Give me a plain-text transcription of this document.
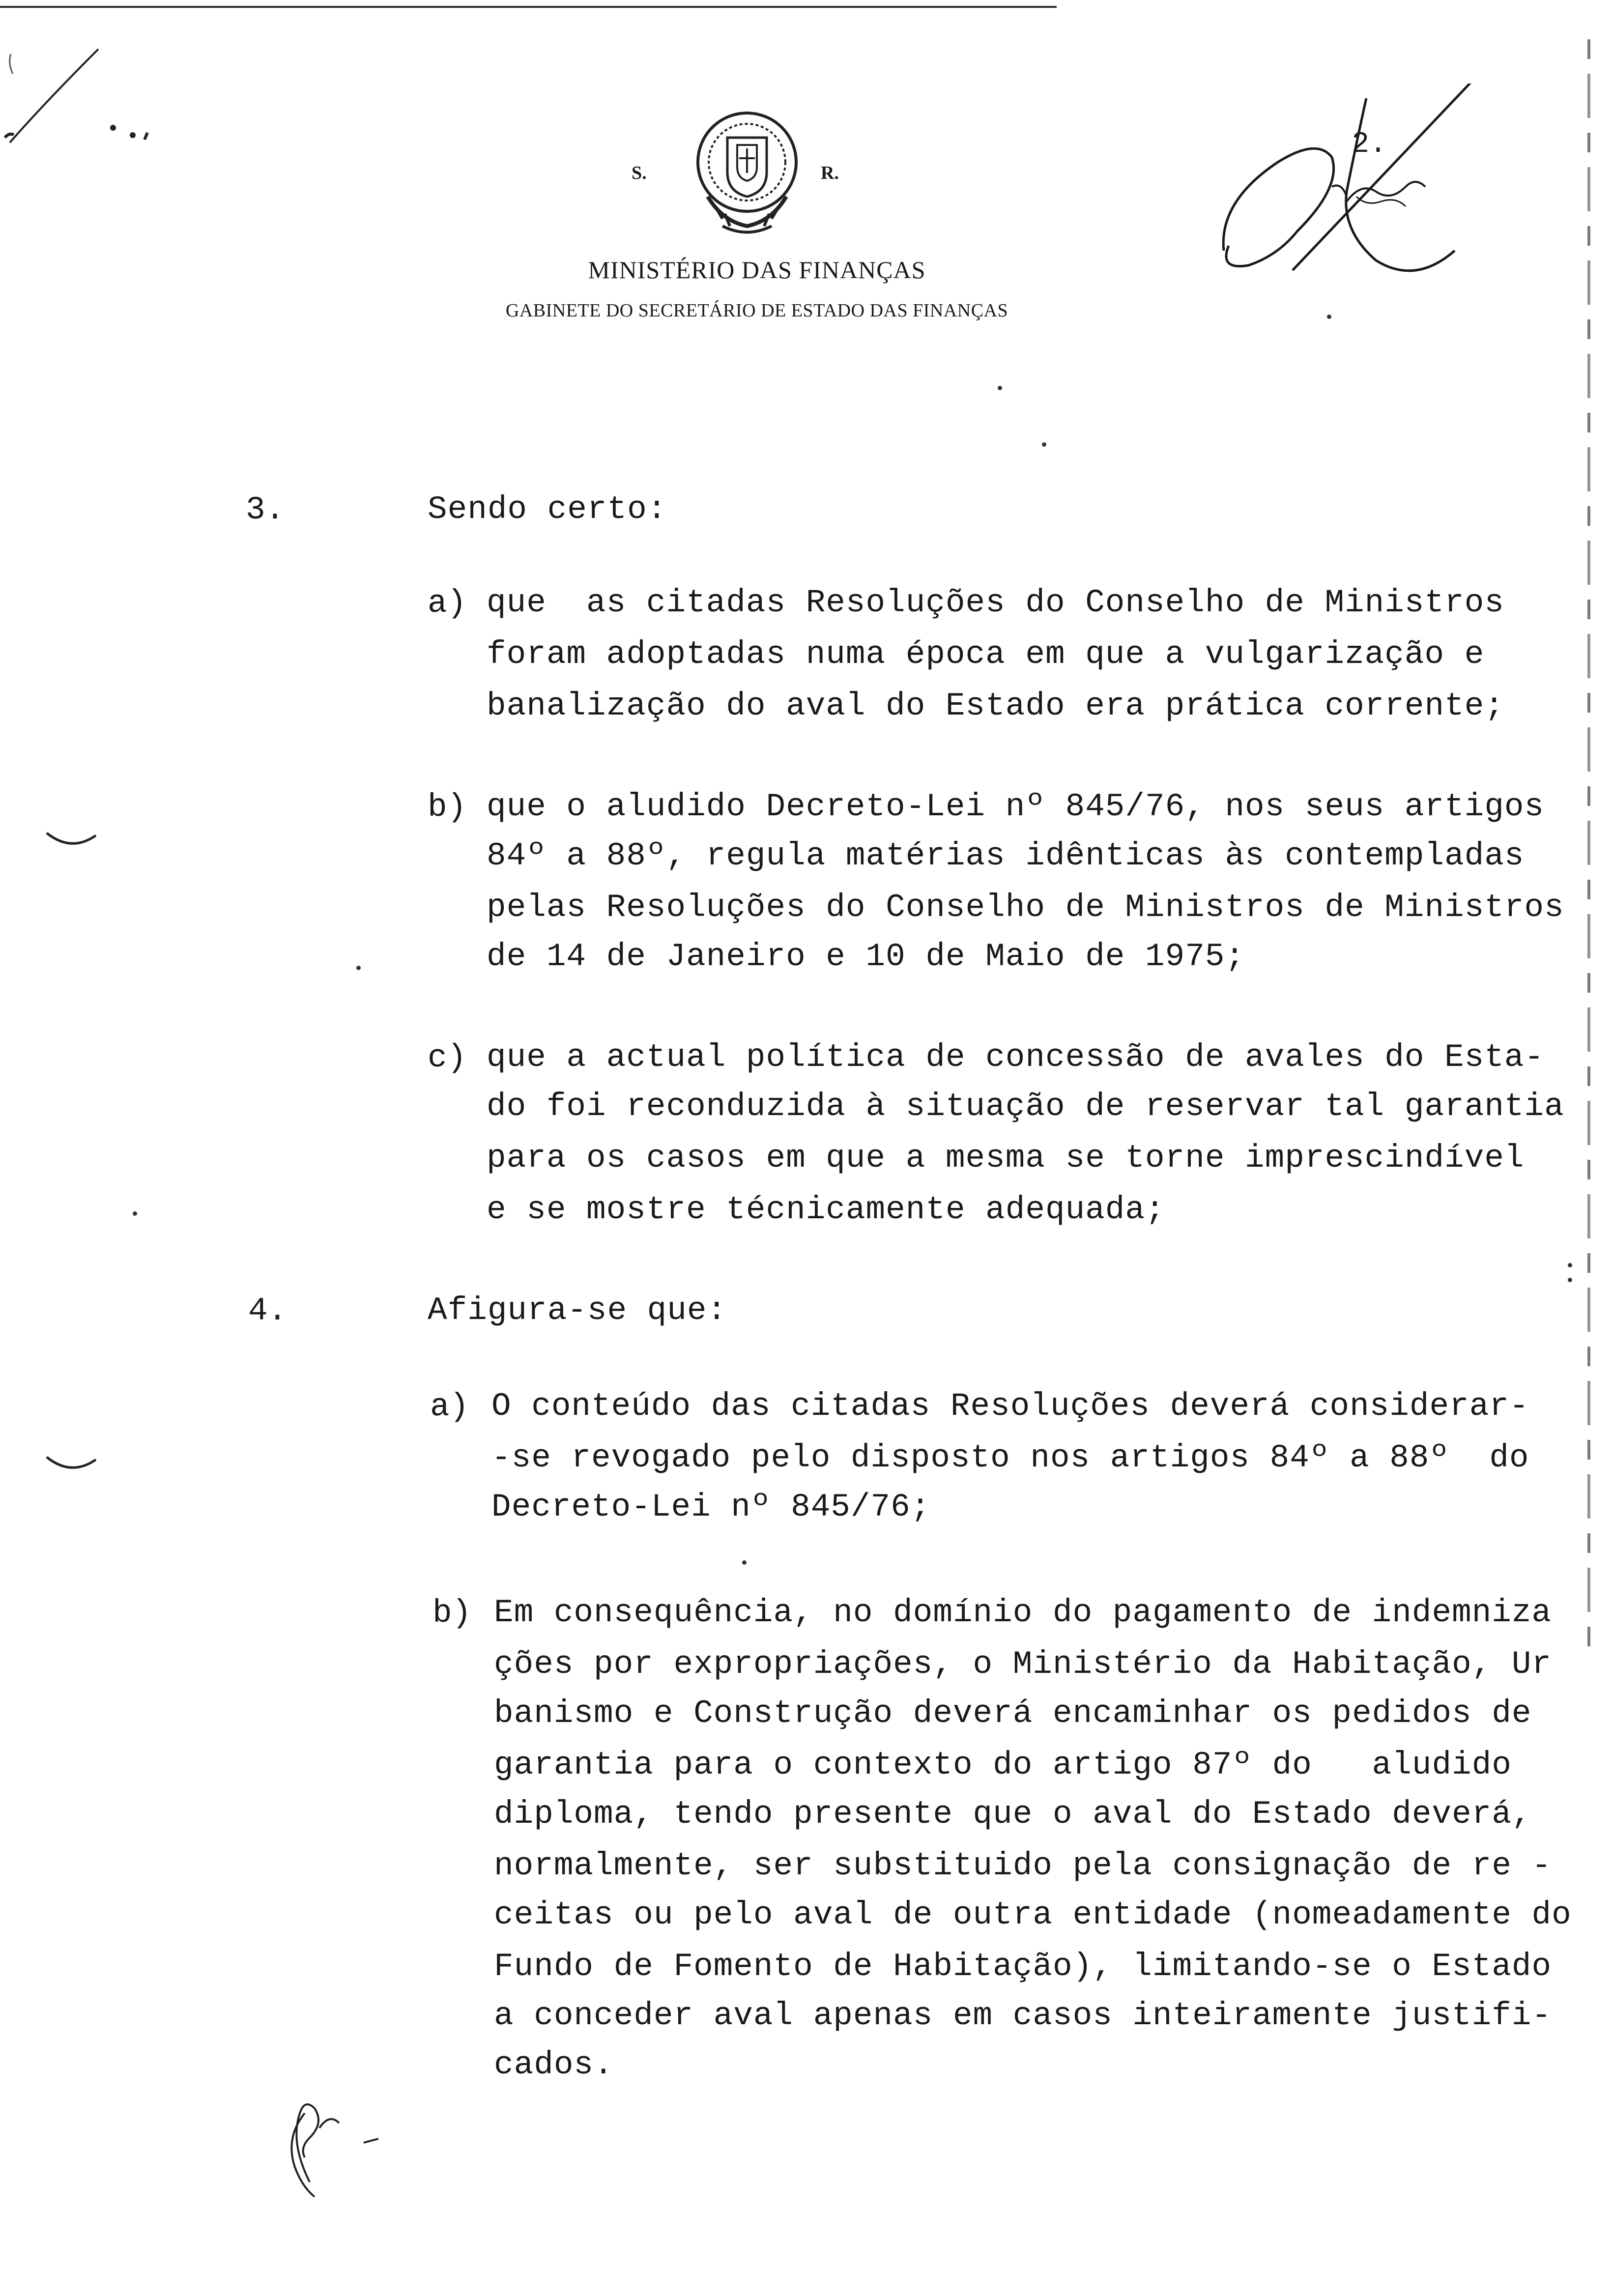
S.	R.
MINISTÉRIO DAS FINANÇAS
GABINETE DO SECRETÁRIO DE ESTADO DAS FINANÇAS
2.
3.	Sendo certo:
a) que  as citadas Resoluções do Conselho de Ministros
foram adoptadas numa época em que a vulgarização e
banalização do aval do Estado era prática corrente;
b) que o aludido Decreto-Lei nº 845/76, nos seus artigos
84º a 88º, regula matérias idênticas às contempladas
pelas Resoluções do Conselho de Ministros de Ministros
de 14 de Janeiro e 10 de Maio de 1975;
c) que a actual política de concessão de avales do Esta-
do foi reconduzida à situação de reservar tal garantia
para os casos em que a mesma se torne imprescindível
e se mostre técnicamente adequada;
4.	Afigura-se que:
a) O conteúdo das citadas Resoluções deverá considerar-
-se revogado pelo disposto nos artigos 84º a 88º  do
Decreto-Lei nº 845/76;
b) Em consequência, no domínio do pagamento de indemniza
ções por expropriações, o Ministério da Habitação, Ur
banismo e Construção deverá encaminhar os pedidos de
garantia para o contexto do artigo 87º do   aludido
diploma, tendo presente que o aval do Estado deverá,
normalmente, ser substituido pela consignação de re -
ceitas ou pelo aval de outra entidade (nomeadamente do
Fundo de Fomento de Habitação), limitando-se o Estado
a conceder aval apenas em casos inteiramente justifi-
cados.
